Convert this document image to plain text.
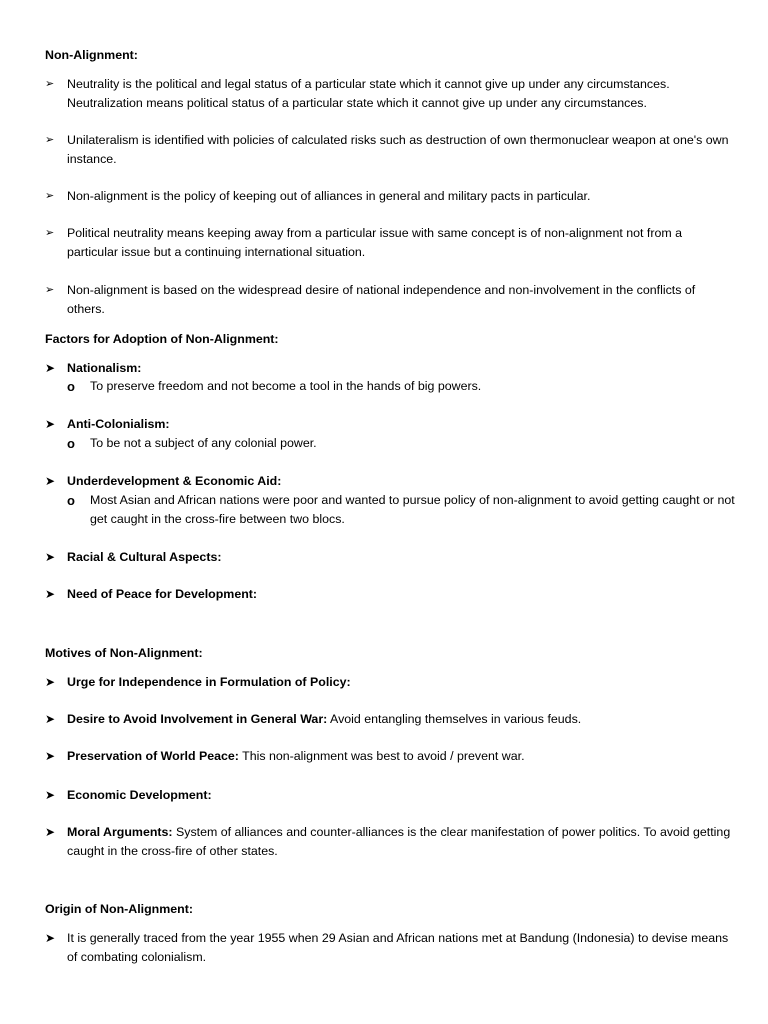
Non-Alignment:
➢	Neutrality is the political and legal status of a particular state which it cannot give up under any circumstances. Neutralization means political status of a particular state which it cannot give up under any circumstances.
➢	Unilateralism is identified with policies of calculated risks such as destruction of own thermonuclear weapon at one's own instance.
➢	Non-alignment is the policy of keeping out of alliances in general and military pacts in particular.
➢	Political neutrality means keeping away from a particular issue with same concept is of non-alignment not from a particular issue but a continuing international situation.
➢	Non-alignment is based on the widespread desire of national independence and non-involvement in the conflicts of others.
Factors for Adoption of Non-Alignment:
➤ Nationalism:
o To preserve freedom and not become a tool in the hands of big powers.
➤ Anti-Colonialism:
o To be not a subject of any colonial power.
➤ Underdevelopment & Economic Aid:
o Most Asian and African nations were poor and wanted to pursue policy of non-alignment to avoid getting caught or not get caught in the cross-fire between two blocs.
➤ Racial & Cultural Aspects:
➤ Need of Peace for Development:
Motives of Non-Alignment:
➤ Urge for Independence in Formulation of Policy:
➤ Desire to Avoid Involvement in General War: Avoid entangling themselves in various feuds.
➤ Preservation of World Peace: This non-alignment was best to avoid / prevent war.
➤ Economic Development:
➤ Moral Arguments: System of alliances and counter-alliances is the clear manifestation of power politics. To avoid getting caught in the cross-fire of other states.
Origin of Non-Alignment:
➤ It is generally traced from the year 1955 when 29 Asian and African nations met at Bandung (Indonesia) to devise means of combating colonialism.
